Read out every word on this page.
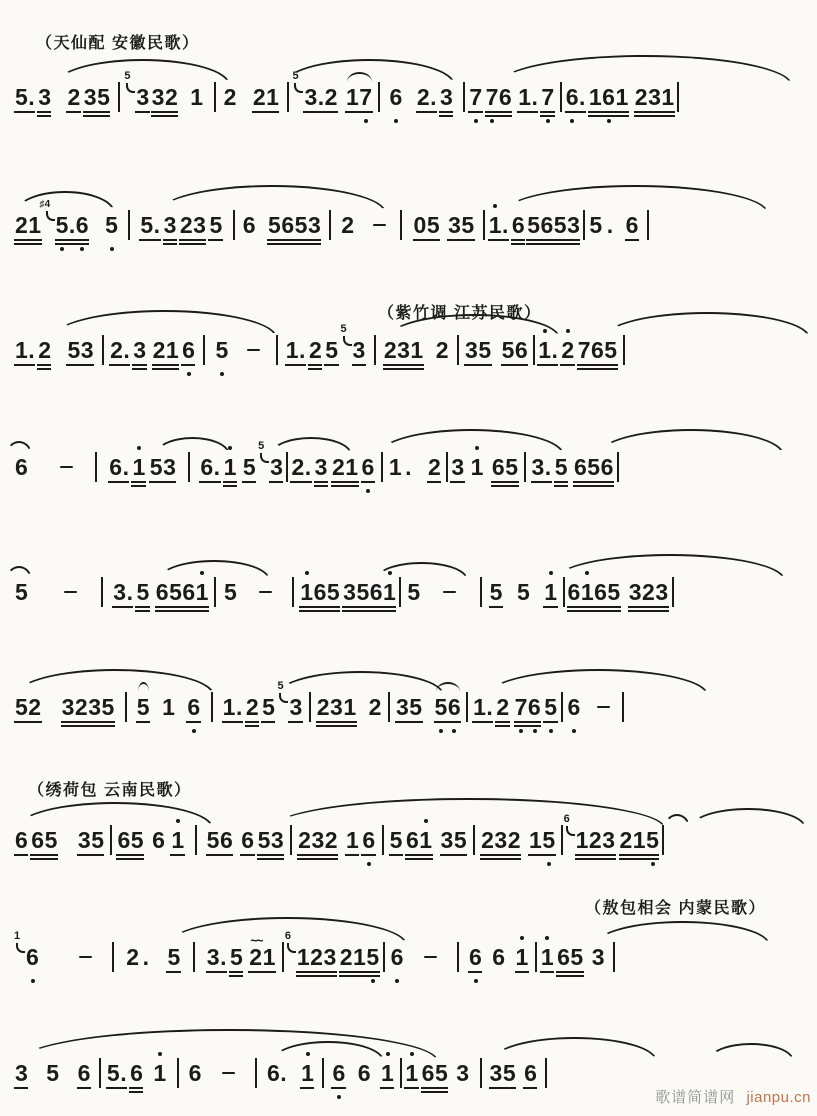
（天仙配 安徽民歌）
（紫竹调 江苏民歌）
（绣荷包 云南民歌）
（敖包相会 内蒙民歌）
5. 3 2 35
5
3 32 1 2 21
5
3.2 17 6 2. 3 7 7
6 1. 7 6
. 16
1 231
21
♯4
5
.6 5 5. 3 23 5 6 5653 2	05 35 1
. 6 5653 5 . 6
1. 2 53 2. 3 21 6 5 1. 2 5
5
3 231 2 35 56 1
. 2 765
6	6. 1 53 6. 1 5
5
3 2. 3 21 6 1 . 2 3 1 65 3. 5 656
5	3. 5 6561 5	1
65 3561 5	5 5 1 61
65 323
52 3235 5 1 6 1. 2 5
5
3 231 2 35 5
6 1. 2 7
6 5 6
6 65 35 65 6 1 56 6 53 232 1 6 5 61 35 232 15
6
123 215
1
6	2 . 5 3. 5 2
~~
1
6
123 215 6	6 6 1 1 65 3
3 5 6 5. 6 1 6	6. 1 6 6 1 1 65 3 35 6
歌谱简谱网 jianpu.cn
